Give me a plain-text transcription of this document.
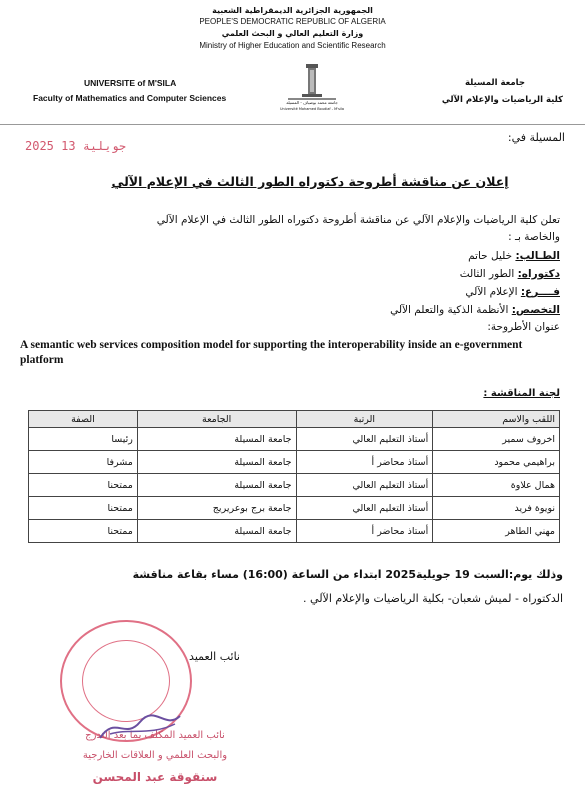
الجمهورية الجزائرية الديمقراطية الشعبية
PEOPLE'S DEMOCRATIC REPUBLIC OF ALGERIA
وزارة التعليم العالي و البحث العلمي
Ministry of Higher Education and Scientific Research
UNIVERSITE of M'SILA
Faculty of Mathematics and Computer Sciences
جامعة المسيلة
كلية الرياضيات والإعلام الآلي
جامعة محمد بوضياف - المسيلة
Université Mohamed Boudiaf - M'sila
المسيلة في:
2025 جويلية 13
إعلان عن مناقشة أطروحة دكتوراه الطور الثالث في الإعلام الآلي
تعلن كلية الرياضيات والإعلام الآلي عن مناقشة أطروحة دكتوراه الطور الثالث في الإعلام الآلي
والخاصة بـ :
الطـالب: خليل حاتم
دكتوراه: الطور الثالث
فــــرع: الإعلام الآلي
التخصص: الأنظمة الذكية والتعلم الآلي
عنوان الأطروحة:
A semantic web services composition model for supporting the interoperability inside an e-government platform
لجنة المناقشة :
اللقب والاسم	الرتبة	الجامعة	الصفة
اخروف سمير	أستاذ التعليم العالي	جامعة المسيلة	رئيسا
براهيمي محمود	أستاذ محاضر أ	جامعة المسيلة	مشرفا
همال علاوة	أستاذ التعليم العالي	جامعة المسيلة	ممتحنا
نويوة فريد	أستاذ التعليم العالي	جامعة برج بوعريريج	ممتحنا
مهني الطاهر	أستاذ محاضر أ	جامعة المسيلة	ممتحنا
وذلك يوم:السبت 19 جويلية2025 ابتداء من الساعة (16:00) مساء بقاعة مناقشة
الدكتوراه - لميش شعبان- بكلية الرياضيات والإعلام الآلي .
نائب العميد
نائب العميد المكلف بما بعد التدرج
والبحث العلمي و العلاقات الخارجية
سنقوقة عبد المحسن
